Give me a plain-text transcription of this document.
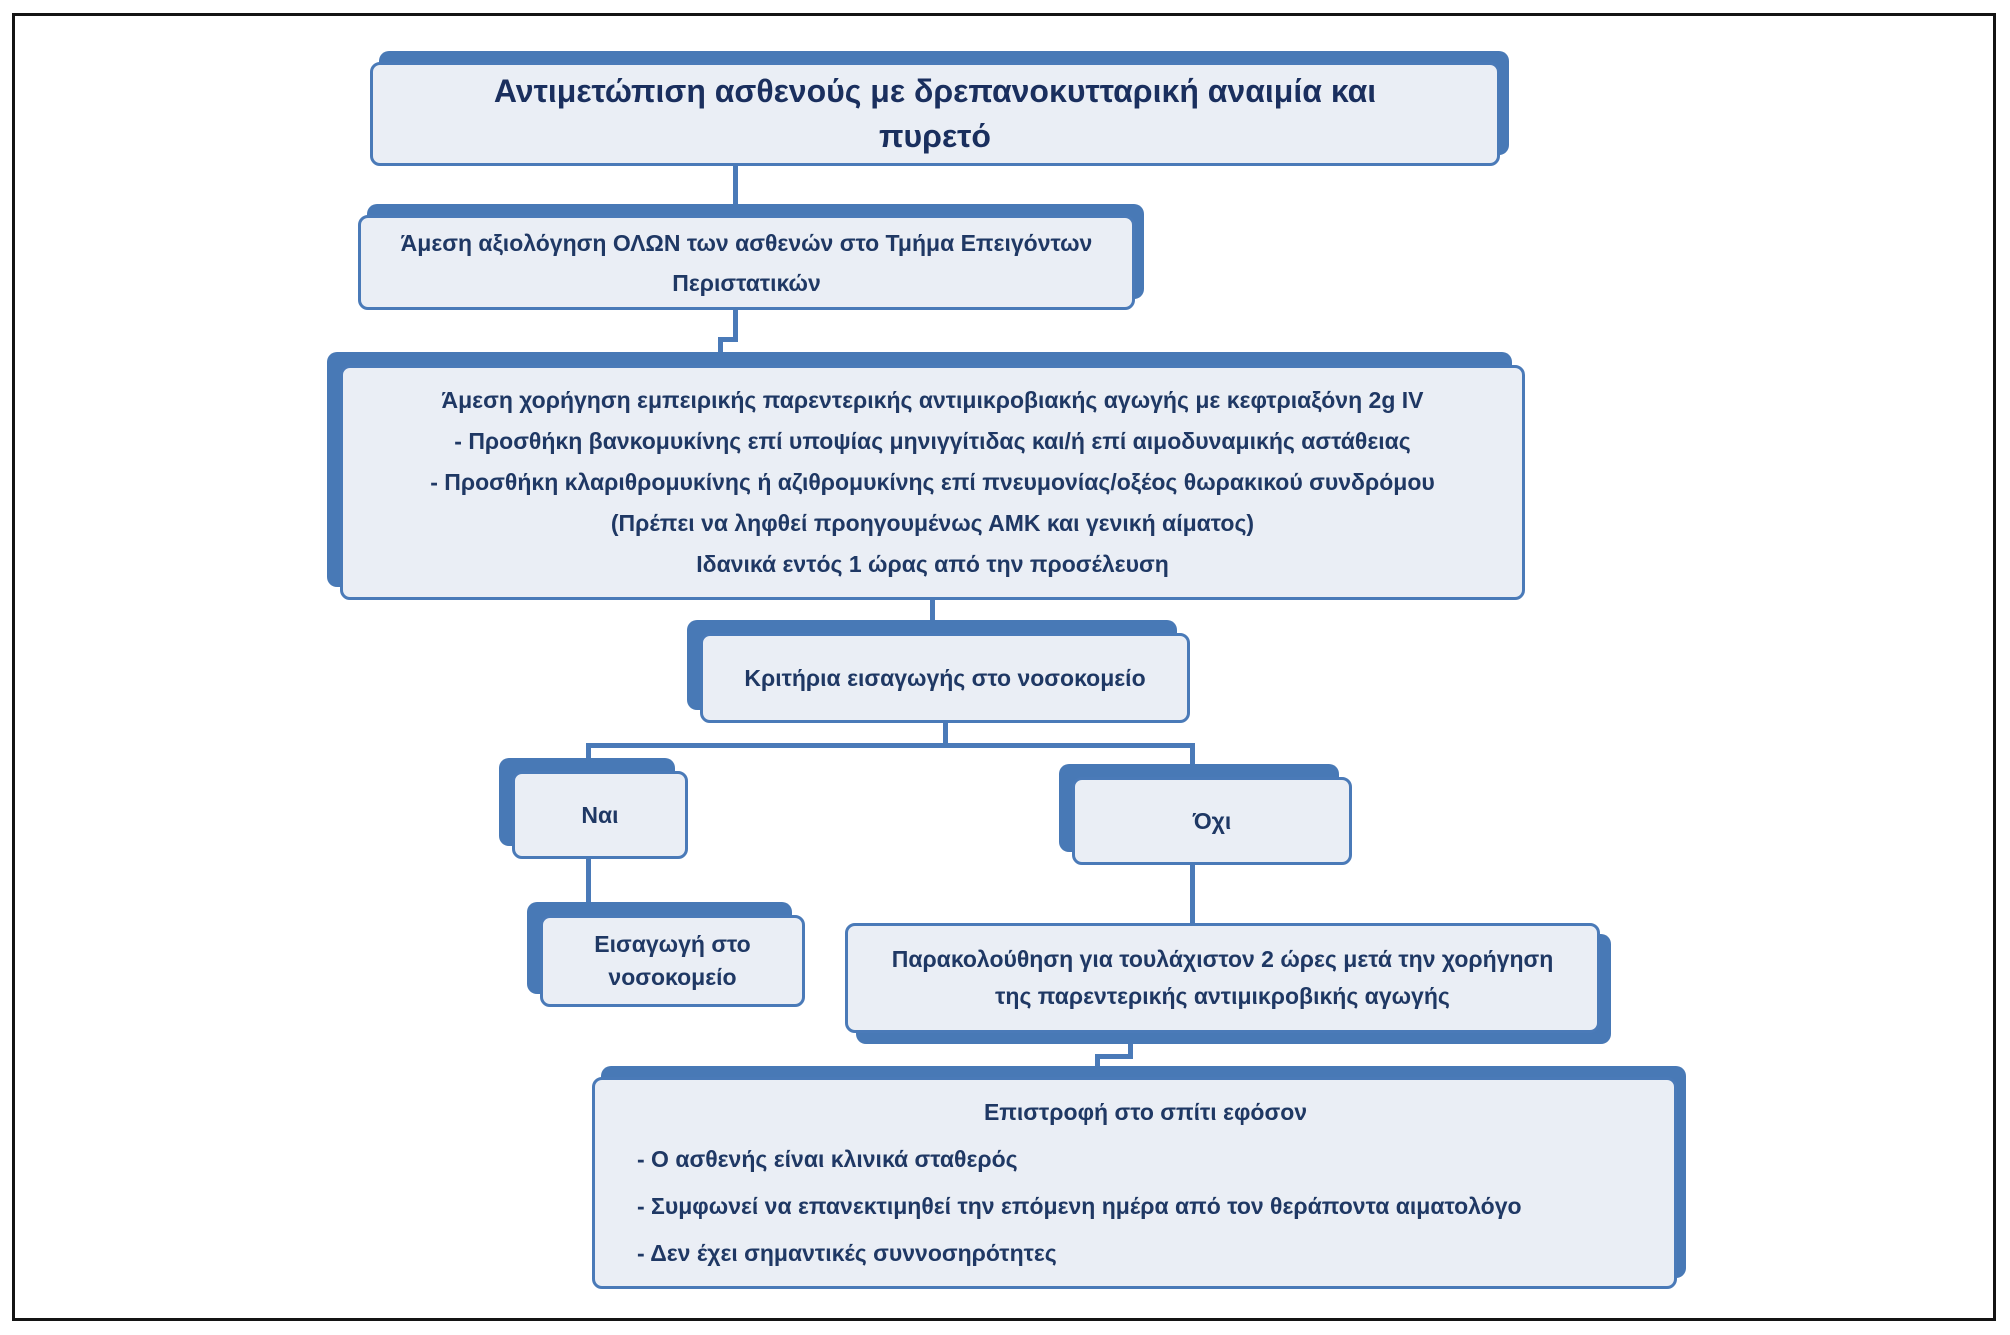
Αντιμετώπιση ασθενούς με δρεπανοκυτταρική αναιμία και πυρετό
Άμεση αξιολόγηση ΟΛΩΝ των ασθενών στο Τμήμα Επειγόντων Περιστατικών
Άμεση χορήγηση εμπειρικής παρεντερικής αντιμικροβιακής αγωγής με κεφτριαξόνη 2g IV
- Προσθήκη βανκομυκίνης επί υποψίας μηνιγγίτιδας και/ή επί αιμοδυναμικής αστάθειας
- Προσθήκη κλαριθρομυκίνης ή αζιθρομυκίνης επί πνευμονίας/οξέος θωρακικού συνδρόμου
(Πρέπει να ληφθεί προηγουμένως ΑΜΚ και γενική αίματος)
Ιδανικά εντός 1 ώρας από την προσέλευση
Κριτήρια εισαγωγής στο νοσοκομείο
Ναι	Όχι
Εισαγωγή στο νοσοκομείο
Παρακολούθηση για τουλάχιστον 2 ώρες μετά την χορήγηση
της παρεντερικής αντιμικροβικής αγωγής
Επιστροφή στο σπίτι εφόσον
- Ο ασθενής είναι κλινικά σταθερός
- Συμφωνεί να επανεκτιμηθεί την επόμενη ημέρα από τον θεράποντα αιματολόγο
- Δεν έχει σημαντικές συννοσηρότητες
